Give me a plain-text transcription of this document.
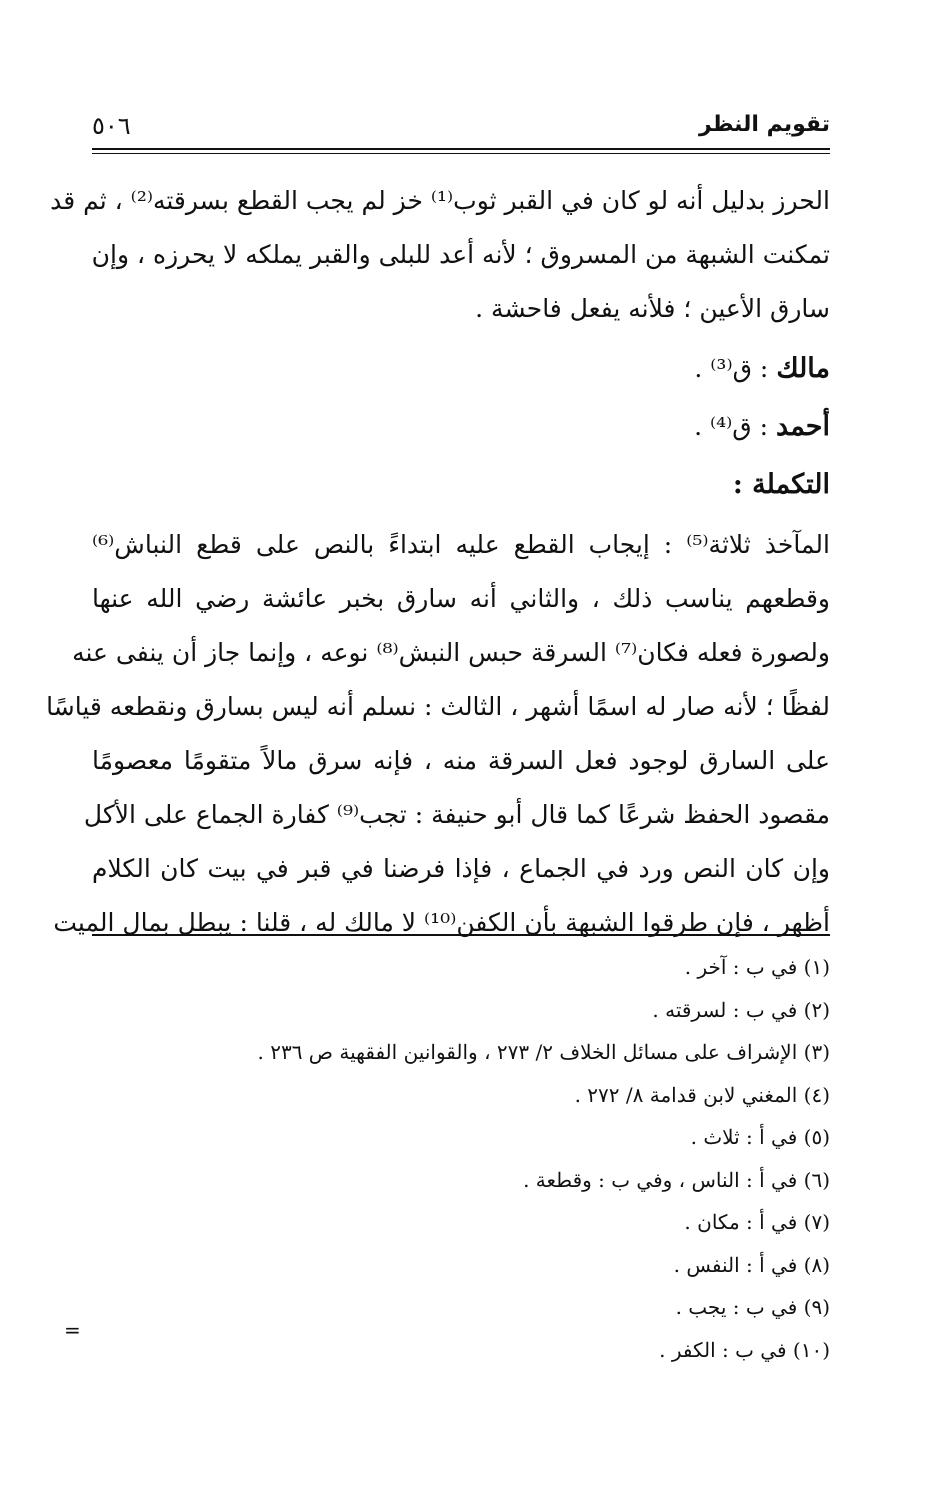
تقويم النظر
٥٠٦
الحرز بدليل أنه لو كان في القبر ثوب⁽¹⁾ خز لم يجب القطع بسرقته⁽²⁾ ، ثم قد
تمكنت الشبهة من المسروق ؛ لأنه أعد للبلى والقبر يملكه لا يحرزه ، وإن
سارق الأعين ؛ فلأنه يفعل فاحشة .
مالك : ق⁽³⁾ .
أحمد : ق⁽⁴⁾ .
التكملة :
المآخذ ثلاثة⁽⁵⁾ : إيجاب القطع عليه ابتداءً بالنص على قطع النباش⁽⁶⁾
وقطعهم يناسب ذلك ، والثاني أنه سارق بخبر عائشة رضي الله عنها
ولصورة فعله فكان⁽⁷⁾ السرقة حبس النبش⁽⁸⁾ نوعه ، وإنما جاز أن ينفى عنه
لفظًا ؛ لأنه صار له اسمًا أشهر ، الثالث : نسلم أنه ليس بسارق ونقطعه قياسًا
على السارق لوجود فعل السرقة منه ، فإنه سرق مالاً متقومًا معصومًا
مقصود الحفظ شرعًا كما قال أبو حنيفة : تجب⁽⁹⁾ كفارة الجماع على الأكل
وإن كان النص ورد في الجماع ، فإذا فرضنا في قبر في بيت كان الكلام
أظهر ، فإن طرقوا الشبهة بأن الكفن⁽¹⁰⁾ لا مالك له ، قلنا : يبطل بمال الميت
(١) في ب : آخر .
(٢) في ب : لسرقته .
(٣) الإشراف على مسائل الخلاف ٢/ ٢٧٣ ، والقوانين الفقهية ص ٢٣٦ .
(٤) المغني لابن قدامة ٨/ ٢٧٢ .
(٥) في أ : ثلاث .
(٦) في أ : الناس ، وفي ب : وقطعة .
(٧) في أ : مكان .
(٨) في أ : النفس .
(٩) في ب : يجب .
(١٠) في ب : الكفر .
=
